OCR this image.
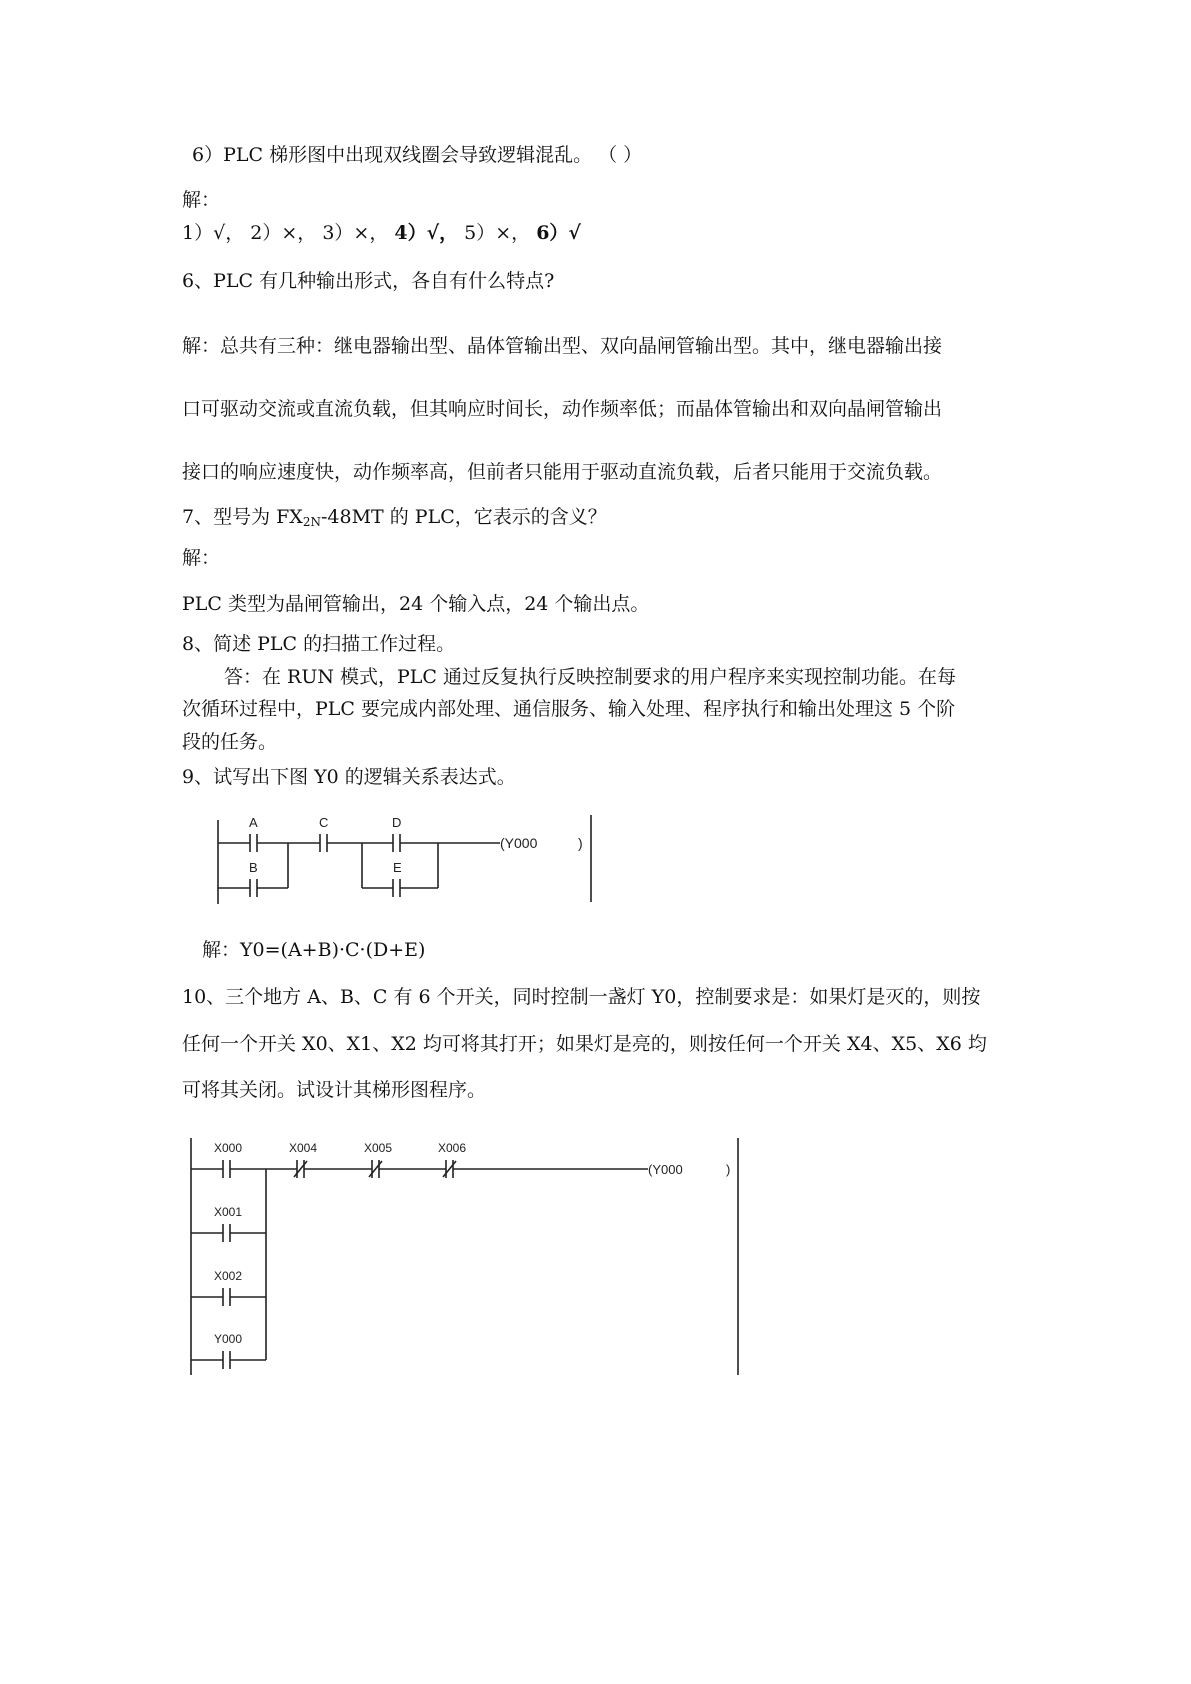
6）PLC 梯形图中出现双线圈会导致逻辑混乱。 （ ）
解：
1）√， 2）×， 3）×， 4）√， 5）×， 6）√
6、PLC 有几种输出形式，各自有什么特点?
解：总共有三种：继电器输出型、晶体管输出型、双向晶闸管输出型。其中，继电器输出接
口可驱动交流或直流负载，但其响应时间长，动作频率低；而晶体管输出和双向晶闸管输出
接口的响应速度快，动作频率高，但前者只能用于驱动直流负载，后者只能用于交流负载。
7、型号为 $FX_{2N}-48MT$ 的 PLC，它表示的含义？
解：
PLC 类型为晶闸管输出，24 个输入点，24 个输出点。
8、简述 PLC 的扫描工作过程。
答：在 RUN 模式，PLC 通过反复执行反映控制要求的用户程序来实现控制功能。在每
次循环过程中，PLC 要完成内部处理、通信服务、输入处理、程序执行和输出处理这 5 个阶
段的任务。
9、试写出下图 Y0 的逻辑关系表达式。
A	C	D
B	E
(Y000	)
解：Y0=(A+B)·C·(D+E)
10、三个地方 A、B、C 有 6 个开关，同时控制一盏灯 Y0，控制要求是：如果灯是灭的，则按
任何一个开关 X0、X1、X2 均可将其打开；如果灯是亮的，则按任何一个开关 X4、X5、X6 均
可将其关闭。试设计其梯形图程序。
X000	X004	X005	X006
X001
X002
Y000
(Y000	)
